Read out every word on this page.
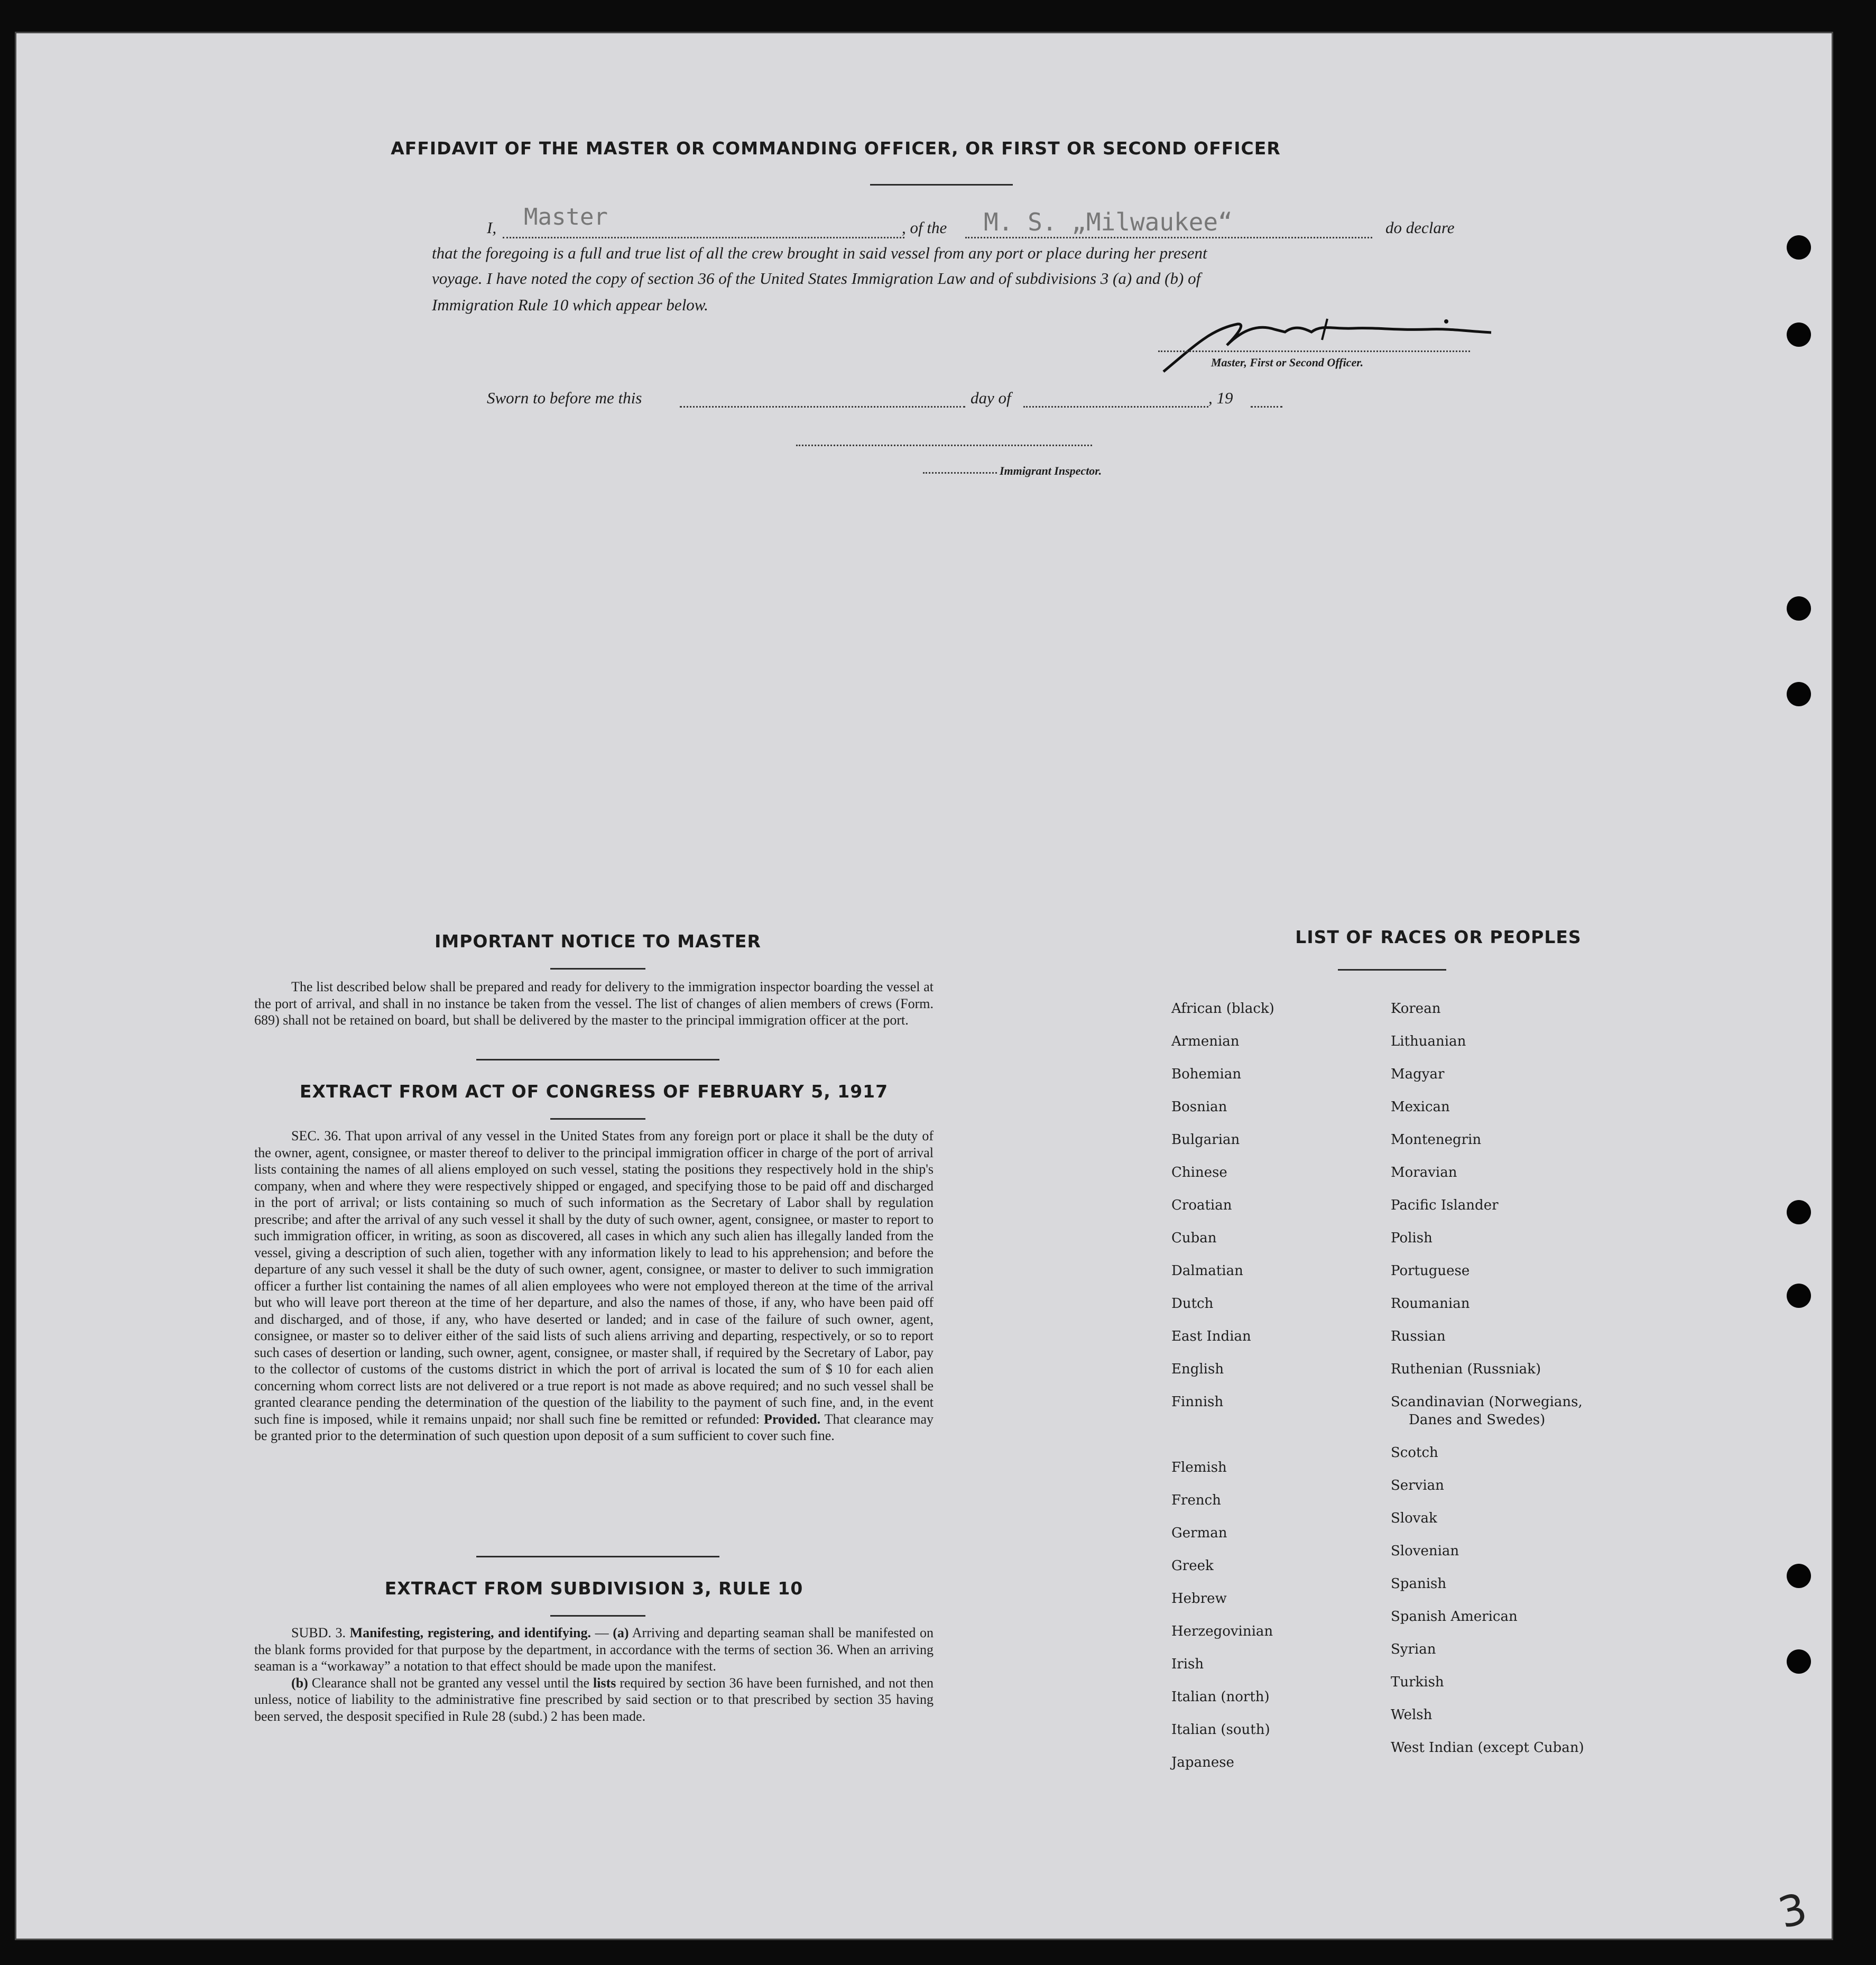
AFFIDAVIT OF THE MASTER OR COMMANDING OFFICER, OR FIRST OR SECOND OFFICER
I, Master	, of the M. S. „Milwaukee“	do declare
that the foregoing is a full and true list of all the crew brought in said vessel from any port or place during her present
voyage. I have noted the copy of section 36 of the United States Immigration Law and of subdivisions 3 (a) and (b) of
Immigration Rule 10 which appear below.
Master, First or Second Officer.
Sworn to before me this	day of	, 19
Immigrant Inspector.
IMPORTANT NOTICE TO MASTER

The list described below shall be prepared and ready for delivery to the immigration inspector boarding the vessel at the port of arrival, and shall in no instance be taken from the vessel. The list of changes of alien members of crews (Form. 689) shall not be retained on board, but shall be delivered by the master to the principal immigration officer at the port.

EXTRACT FROM ACT OF CONGRESS OF FEBRUARY 5, 1917

SEC. 36. That upon arrival of any vessel in the United States from any foreign port or place it shall be the duty of the owner, agent, consignee, or master thereof to deliver to the principal immigration officer in charge of the port of arrival lists containing the names of all aliens employed on such vessel, stating the positions they respectively hold in the ship's company, when and where they were respectively shipped or engaged, and specifying those to be paid off and discharged in the port of arrival; or lists containing so much of such information as the Secretary of Labor shall by regulation prescribe; and after the arrival of any such vessel it shall by the duty of such owner, agent, consignee, or master to report to such immigration officer, in writing, as soon as discovered, all cases in which any such alien has illegally landed from the vessel, giving a description of such alien, together with any information likely to lead to his apprehension; and before the departure of any such vessel it shall be the duty of such owner, agent, consignee, or master to deliver to such immigration officer a further list containing the names of all alien employees who were not employed thereon at the time of the arrival but who will leave port thereon at the time of her departure, and also the names of those, if any, who have been paid off and discharged, and of those, if any, who have deserted or landed; and in case of the failure of such owner, agent, consignee, or master so to deliver either of the said lists of such aliens arriving and departing, respectively, or so to report such cases of desertion or landing, such owner, agent, consignee, or master shall, if required by the Secretary of Labor, pay to the collector of customs of the customs district in which the port of arrival is located the sum of $ 10 for each alien concerning whom correct lists are not delivered or a true report is not made as above required; and no such vessel shall be granted clearance pending the determination of the question of the liability to the payment of such fine, and, in the event such fine is imposed, while it remains unpaid; nor shall such fine be remitted or refunded: Provided. That clearance may be granted prior to the determination of such question upon deposit of a sum sufficient to cover such fine.

EXTRACT FROM SUBDIVISION 3, RULE 10

SUBD. 3. Manifesting, registering, and identifying. — (a) Arriving and departing seaman shall be manifested on the blank forms provided for that purpose by the department, in accordance with the terms of section 36. When an arriving seaman is a “workaway” a notation to that effect should be made upon the manifest.

(b) Clearance shall not be granted any vessel until the lists required by section 36 have been furnished, and not then unless, notice of liability to the administrative fine prescribed by said section or to that prescribed by section 35 having been served, the desposit specified in Rule 28 (subd.) 2 has been made.

LIST OF RACES OR PEOPLES
3
African (black)
Armenian
Bohemian
Bosnian
Bulgarian
Chinese
Croatian
Cuban
Dalmatian
Dutch
East Indian
English
Finnish
Flemish
French
German
Greek
Hebrew
Herzegovinian
Irish
Italian (north)
Italian (south)
Japanese
Korean
Lithuanian
Magyar
Mexican
Montenegrin
Moravian
Pacific Islander
Polish
Portuguese
Roumanian
Russian
Ruthenian (Russniak)
Scandinavian (Norwegians,
Danes and Swedes)
Scotch
Servian
Slovak
Slovenian
Spanish
Spanish American
Syrian
Turkish
Welsh
West Indian (except Cuban)
